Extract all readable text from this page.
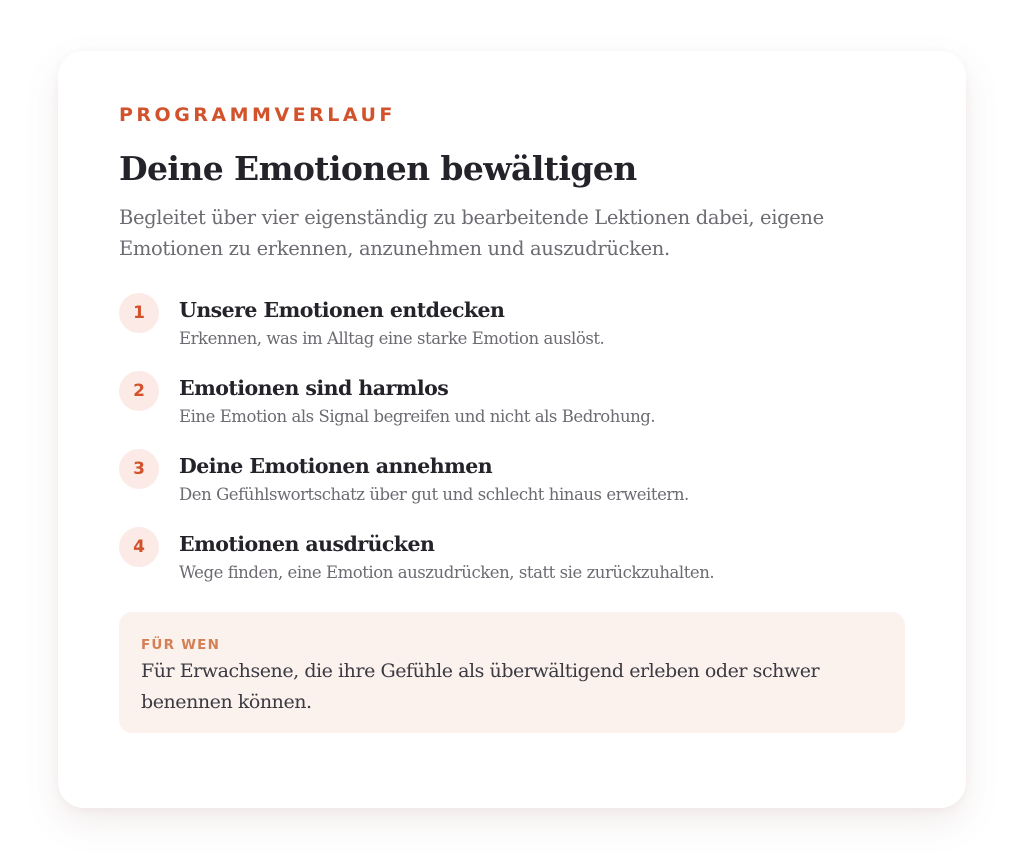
PROGRAMMVERLAUF
Deine Emotionen bewältigen

Begleitet über vier eigenständig zu bearbeitende Lektionen dabei, eigene Emotionen zu erkennen, anzunehmen und auszudrücken.

1	Unsere Emotionen entdecken
Erkennen, was im Alltag eine starke Emotion auslöst.
2	Emotionen sind harmlos
Eine Emotion als Signal begreifen und nicht als Bedrohung.
3	Deine Emotionen annehmen
Den Gefühlswortschatz über gut und schlecht hinaus erweitern.
4	Emotionen ausdrücken
Wege finden, eine Emotion auszudrücken, statt sie zurückzuhalten.
FÜR WEN

Für Erwachsene, die ihre Gefühle als überwältigend erleben oder schwer benennen können.
